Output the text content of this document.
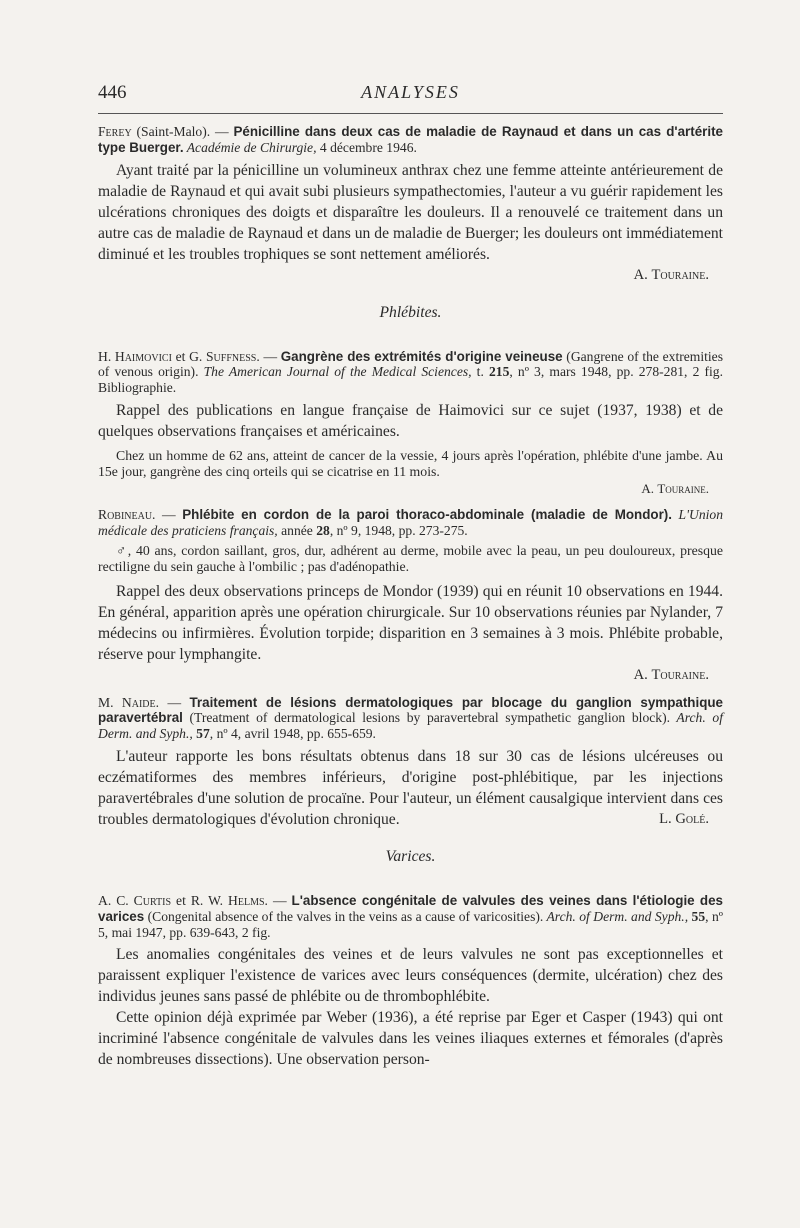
446	ANALYSES

Ferey (Saint-Malo). — Pénicilline dans deux cas de maladie de Raynaud et dans un cas d'artérite type Buerger. Académie de Chirurgie, 4 décembre 1946.

Ayant traité par la pénicilline un volumineux anthrax chez une femme atteinte antérieurement de maladie de Raynaud et qui avait subi plusieurs sympathectomies, l'auteur a vu guérir rapidement les ulcérations chroniques des doigts et disparaître les douleurs. Il a renouvelé ce traitement dans un autre cas de maladie de Raynaud et dans un de maladie de Buerger; les douleurs ont immédiatement diminué et les troubles trophiques se sont nettement améliorés.

A. Touraine.

Phlébites.

H. Haimovici et G. Suffness. — Gangrène des extrémités d'origine veineuse (Gangrene of the extremities of venous origin). The American Journal of the Medical Sciences, t. 215, nº 3, mars 1948, pp. 278-281, 2 fig. Bibliographie.

Rappel des publications en langue française de Haimovici sur ce sujet (1937, 1938) et de quelques observations françaises et américaines.

Chez un homme de 62 ans, atteint de cancer de la vessie, 4 jours après l'opération, phlébite d'une jambe. Au 15e jour, gangrène des cinq orteils qui se cicatrise en 11 mois.

A. Touraine.

Robineau. — Phlébite en cordon de la paroi thoraco-abdominale (maladie de Mondor). L'Union médicale des praticiens français, année 28, nº 9, 1948, pp. 273-275.

♂, 40 ans, cordon saillant, gros, dur, adhérent au derme, mobile avec la peau, un peu douloureux, presque rectiligne du sein gauche à l'ombilic ; pas d'adénopathie.

Rappel des deux observations princeps de Mondor (1939) qui en réunit 10 observations en 1944. En général, apparition après une opération chirurgicale. Sur 10 observations réunies par Nylander, 7 médecins ou infirmières. Évolution torpide; disparition en 3 semaines à 3 mois. Phlébite probable, réserve pour lymphangite.

A. Touraine.

M. Naide. — Traitement de lésions dermatologiques par blocage du ganglion sympathique paravertébral (Treatment of dermatological lesions by paravertebral sympathetic ganglion block). Arch. of Derm. and Syph., 57, nº 4, avril 1948, pp. 655-659.

L'auteur rapporte les bons résultats obtenus dans 18 sur 30 cas de lésions ulcéreuses ou eczématiformes des membres inférieurs, d'origine post-phlébitique, par les injections paravertébrales d'une solution de procaïne. Pour l'auteur, un élément causalgique intervient dans ces troubles dermatologiques d'évolution chronique.	L. Golé.

Varices.

A. C. Curtis et R. W. Helms. — L'absence congénitale de valvules des veines dans l'étiologie des varices (Congenital absence of the valves in the veins as a cause of varicosities). Arch. of Derm. and Syph., 55, nº 5, mai 1947, pp. 639-643, 2 fig.

Les anomalies congénitales des veines et de leurs valvules ne sont pas exceptionnelles et paraissent expliquer l'existence de varices avec leurs conséquences (dermite, ulcération) chez des individus jeunes sans passé de phlébite ou de thrombophlébite.

Cette opinion déjà exprimée par Weber (1936), a été reprise par Eger et Casper (1943) qui ont incriminé l'absence congénitale de valvules dans les veines iliaques externes et fémorales (d'après de nombreuses dissections). Une observation person-
